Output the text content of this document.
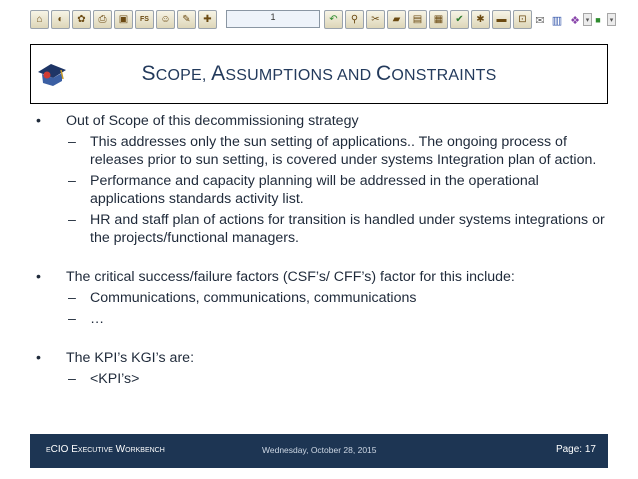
⌂	◐	✿	⎙	▣	FS	☺	✎	✚	1	↶	⚲	✂	▰	▤	▦	✔	✱	▬	⊡ ✉ ▥ ❖ ▾ ■	▾
SCOPE, ASSUMPTIONS AND CONSTRAINTS
• Out of Scope of this decommissioning strategy
– This addresses only the sun setting of applications.. The ongoing process of releases prior to sun setting, is covered under systems Integration plan of action.
– Performance and capacity planning will be addressed in the operational applications standards activity list.
– HR and staff plan of actions for transition is handled under systems integrations or the projects/functional managers.
• The critical success/failure factors (CSF’s/ CFF’s) factor for this include:
– Communications, communications, communications
– …
• The KPI’s KGI’s are:
– <KPI’s>
eCIO Executive Workbench	Wednesday, October 28, 2015	Page: 17
